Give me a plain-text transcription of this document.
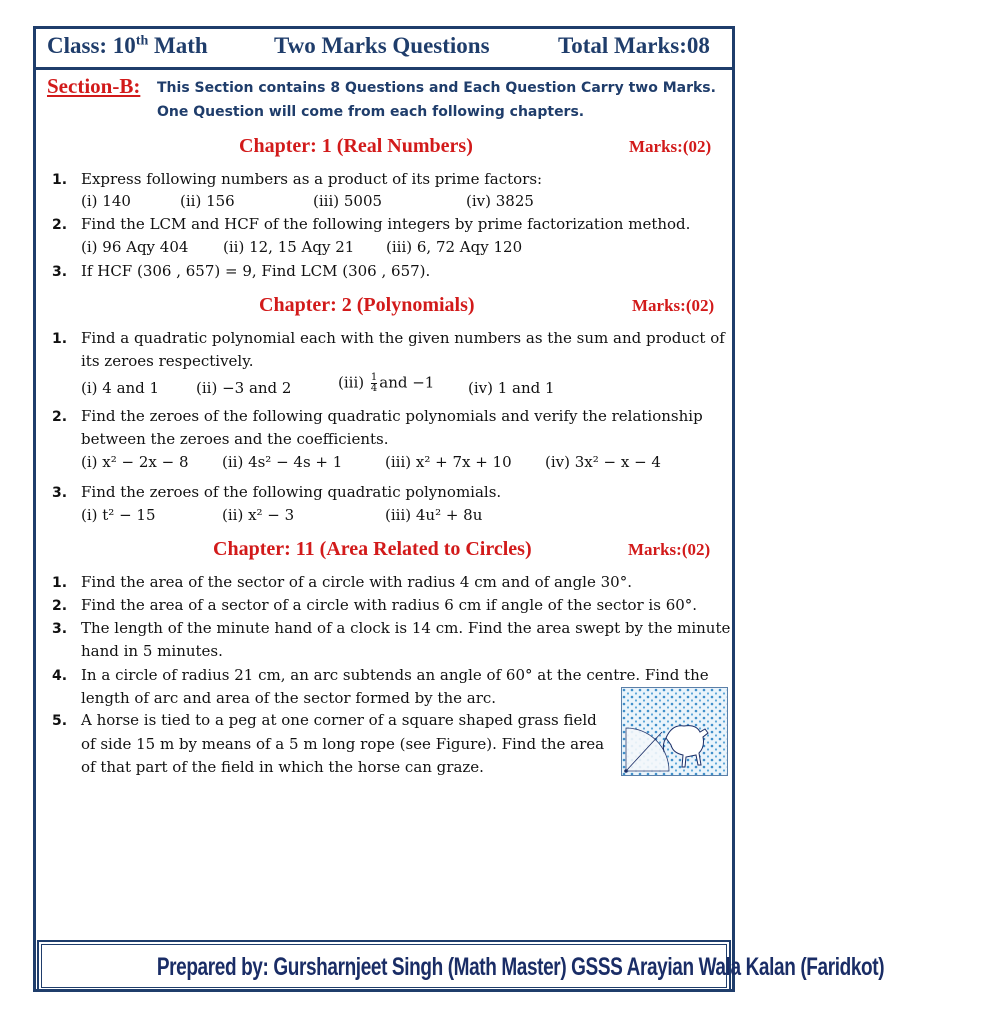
Class: 10th Math	Two Marks Questions	Total Marks:08
Section-B: This Section contains 8 Questions and Each Question Carry two Marks.
One Question will come from each following chapters.
Chapter: 1 (Real Numbers)	Marks:(02)
1. Express following numbers as a product of its prime factors:
(i) 140	(ii) 156	(iii) 5005	(iv) 3825
2. Find the LCM and HCF of the following integers by prime factorization method.
(i) 96 Aqy 404 (ii) 12, 15 Aqy 21 (iii) 6, 72 Aqy 120
3. If HCF (306 , 657) = 9, Find LCM (306 , 657).
Chapter: 2 (Polynomials)	Marks:(02)
1. Find a quadratic polynomial each with the given numbers as the sum and product of
its zeroes respectively.
(i) 4 and 1 (ii) −3 and 2	$(iii) \frac{1}{4}$ and −1 (iv) 1 and 1
2. Find the zeroes of the following quadratic polynomials and verify the relationship
between the zeroes and the coefficients.
(i) x² − 2x − 8 (ii) 4s² − 4s + 1	(iii) x² + 7x + 10 (iv) 3x² − x − 4
3. Find the zeroes of the following quadratic polynomials.
(i) t² − 15	(ii) x² − 3	(iii) 4u² + 8u
Chapter: 11 (Area Related to Circles)	Marks:(02)
1. Find the area of the sector of a circle with radius 4 cm and of angle 30°.
2. Find the area of a sector of a circle with radius 6 cm if angle of the sector is 60°.
3. The length of the minute hand of a clock is 14 cm. Find the area swept by the minute
hand in 5 minutes.
4. In a circle of radius 21 cm, an arc subtends an angle of 60° at the centre. Find the
length of arc and area of the sector formed by the arc.
5. A horse is tied to a peg at one corner of a square shaped grass field
of side 15 m by means of a 5 m long rope (see Figure). Find the area
of that part of the field in which the horse can graze.
Prepared by: Gursharnjeet Singh (Math Master) GSSS Arayian Wala Kalan (Faridkot)
